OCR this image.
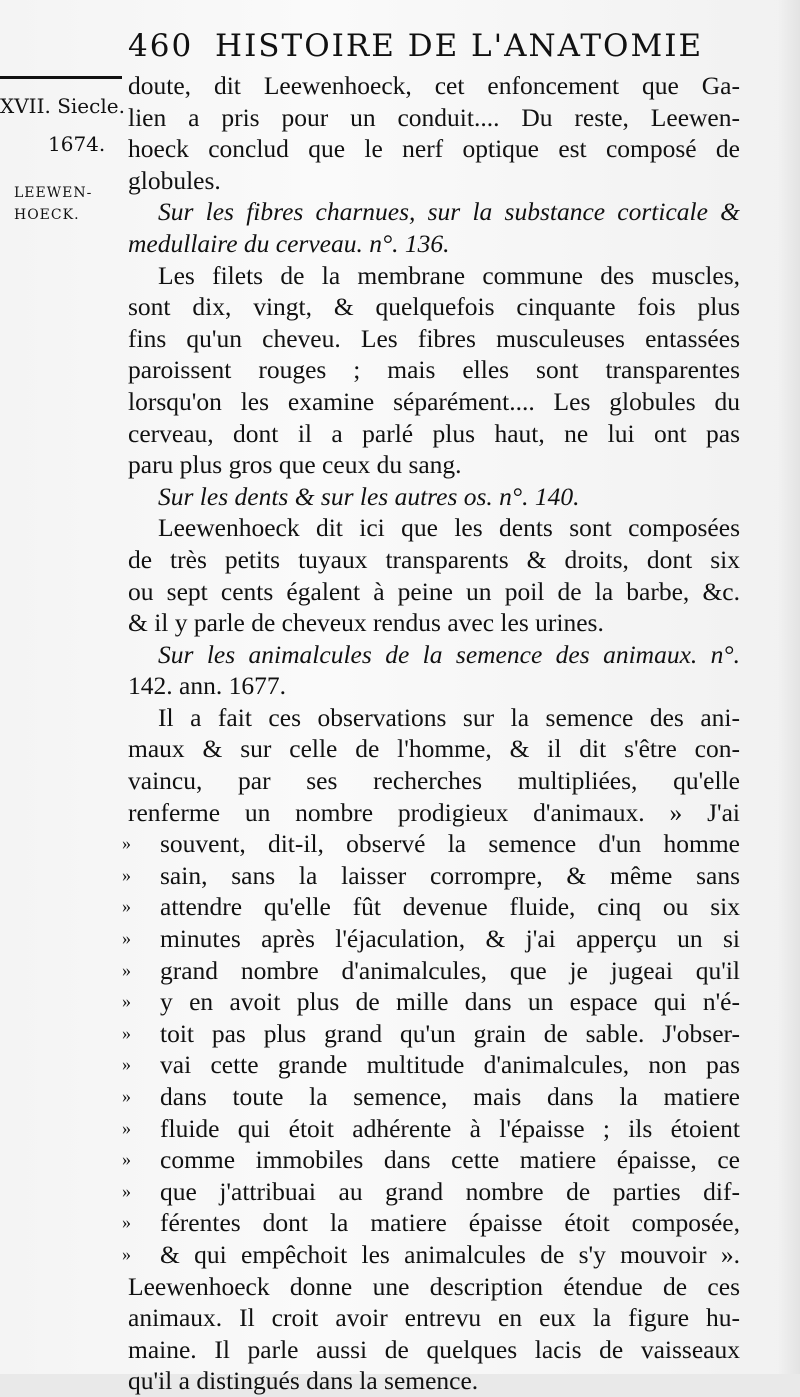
460 HISTOIRE DE L'ANATOMIE
XVII. Siecle.
1674.
LEEWEN-
HOECK.
doute, dit Leewenhoeck, cet enfoncement que Ga-
lien a pris pour un conduit.... Du reste, Leewen-
hoeck conclud que le nerf optique est composé de
globules.
Sur les fibres charnues, sur la substance corticale &
medullaire du cerveau. n°. 136.
Les filets de la membrane commune des muscles,
sont dix, vingt, & quelquefois cinquante fois plus
fins qu'un cheveu. Les fibres musculeuses entassées
paroissent rouges ; mais elles sont transparentes
lorsqu'on les examine séparément.... Les globules du
cerveau, dont il a parlé plus haut, ne lui ont pas
paru plus gros que ceux du sang.
Sur les dents & sur les autres os. n°. 140.
Leewenhoeck dit ici que les dents sont composées
de très petits tuyaux transparents & droits, dont six
ou sept cents égalent à peine un poil de la barbe, &c.
& il y parle de cheveux rendus avec les urines.
Sur les animalcules de la semence des animaux. n°.
142. ann. 1677.
Il a fait ces observations sur la semence des ani-
maux & sur celle de l'homme, & il dit s'être con-
vaincu, par ses recherches multipliées, qu'elle
renferme un nombre prodigieux d'animaux. » J'ai
» souvent, dit-il, observé la semence d'un homme
» sain, sans la laisser corrompre, & même sans
» attendre qu'elle fût devenue fluide, cinq ou six
» minutes après l'éjaculation, & j'ai apperçu un si
» grand nombre d'animalcules, que je jugeai qu'il
» y en avoit plus de mille dans un espace qui n'é-
» toit pas plus grand qu'un grain de sable. J'obser-
» vai cette grande multitude d'animalcules, non pas
» dans toute la semence, mais dans la matiere
» fluide qui étoit adhérente à l'épaisse ; ils étoient
» comme immobiles dans cette matiere épaisse, ce
» que j'attribuai au grand nombre de parties dif-
» férentes dont la matiere épaisse étoit composée,
» & qui empêchoit les animalcules de s'y mouvoir ».
Leewenhoeck donne une description étendue de ces
animaux. Il croit avoir entrevu en eux la figure hu-
maine. Il parle aussi de quelques lacis de vaisseaux
qu'il a distingués dans la semence.
